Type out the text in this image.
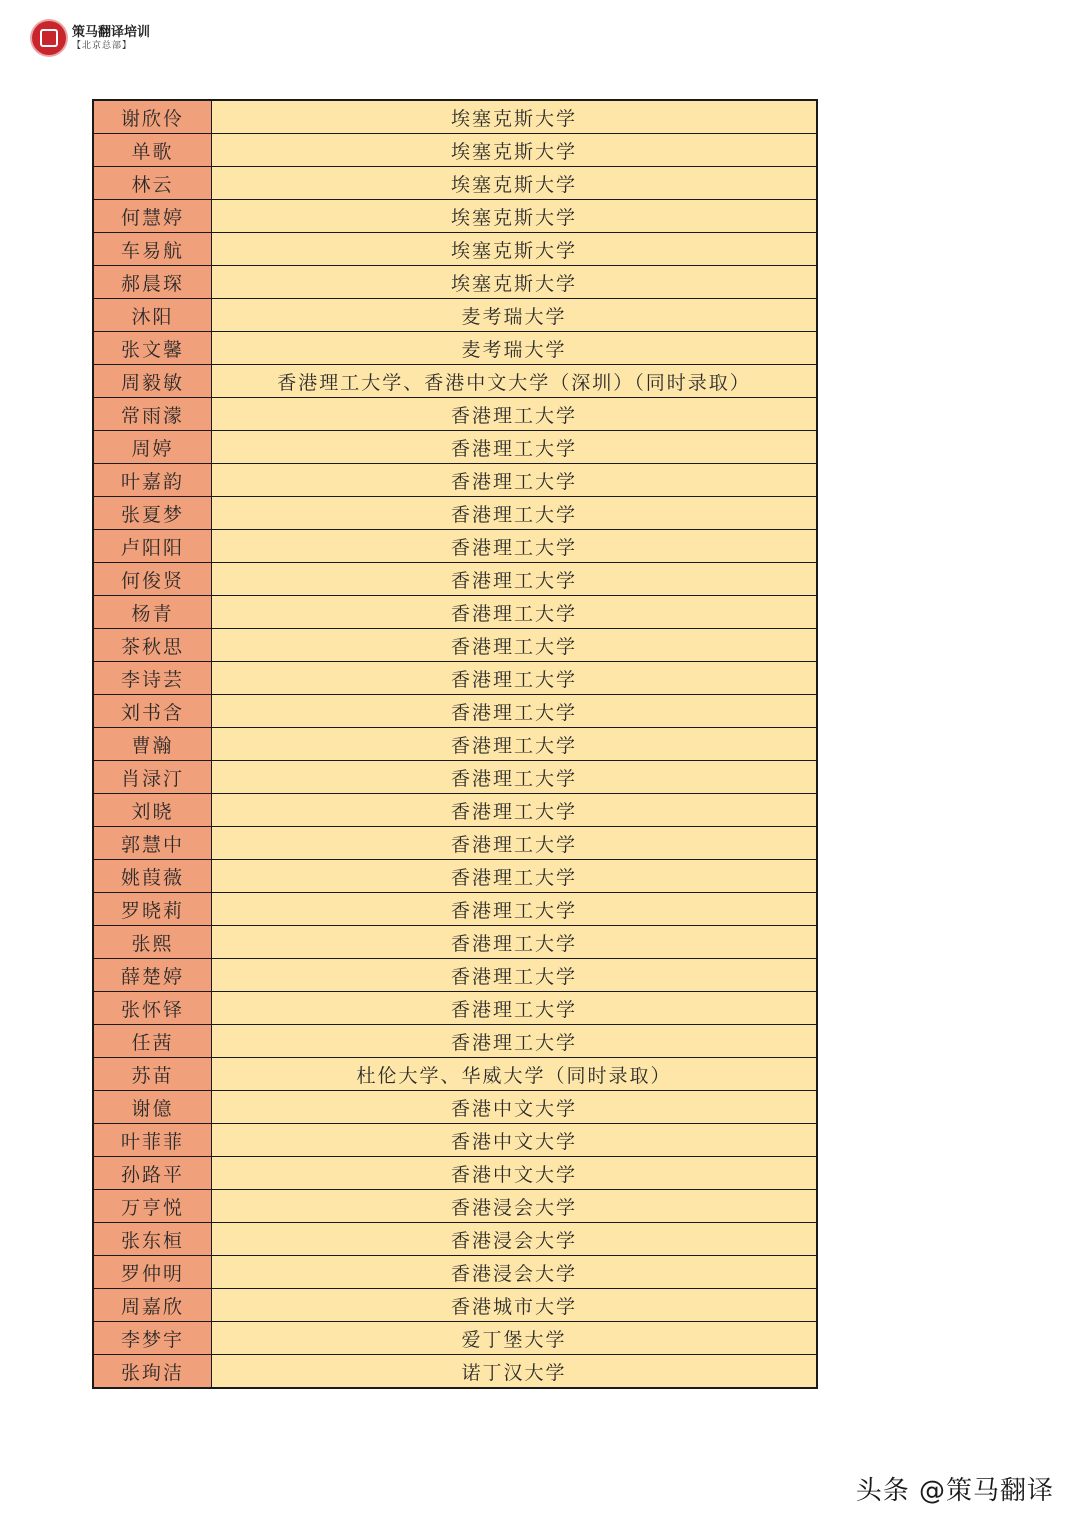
策马翻译培训
【北京总部】
谢欣伶	埃塞克斯大学
单歌	埃塞克斯大学
林云	埃塞克斯大学
何慧婷	埃塞克斯大学
车易航	埃塞克斯大学
郝晨琛	埃塞克斯大学
沐阳	麦考瑞大学
张文馨	麦考瑞大学
周毅敏	香港理工大学、香港中文大学（深圳）（同时录取）
常雨濛	香港理工大学
周婷	香港理工大学
叶嘉韵	香港理工大学
张夏梦	香港理工大学
卢阳阳	香港理工大学
何俊贤	香港理工大学
杨青	香港理工大学
茶秋思	香港理工大学
李诗芸	香港理工大学
刘书含	香港理工大学
曹瀚	香港理工大学
肖渌汀	香港理工大学
刘晓	香港理工大学
郭慧中	香港理工大学
姚葭薇	香港理工大学
罗晓莉	香港理工大学
张熙	香港理工大学
薛楚婷	香港理工大学
张怀铎	香港理工大学
任茜	香港理工大学
苏苗	杜伦大学、华威大学（同时录取）
谢億	香港中文大学
叶菲菲	香港中文大学
孙路平	香港中文大学
万亨悦	香港浸会大学
张东桓	香港浸会大学
罗仲明	香港浸会大学
周嘉欣	香港城市大学
李梦宇	爱丁堡大学
张珣洁	诺丁汉大学
头条 @策马翻译
